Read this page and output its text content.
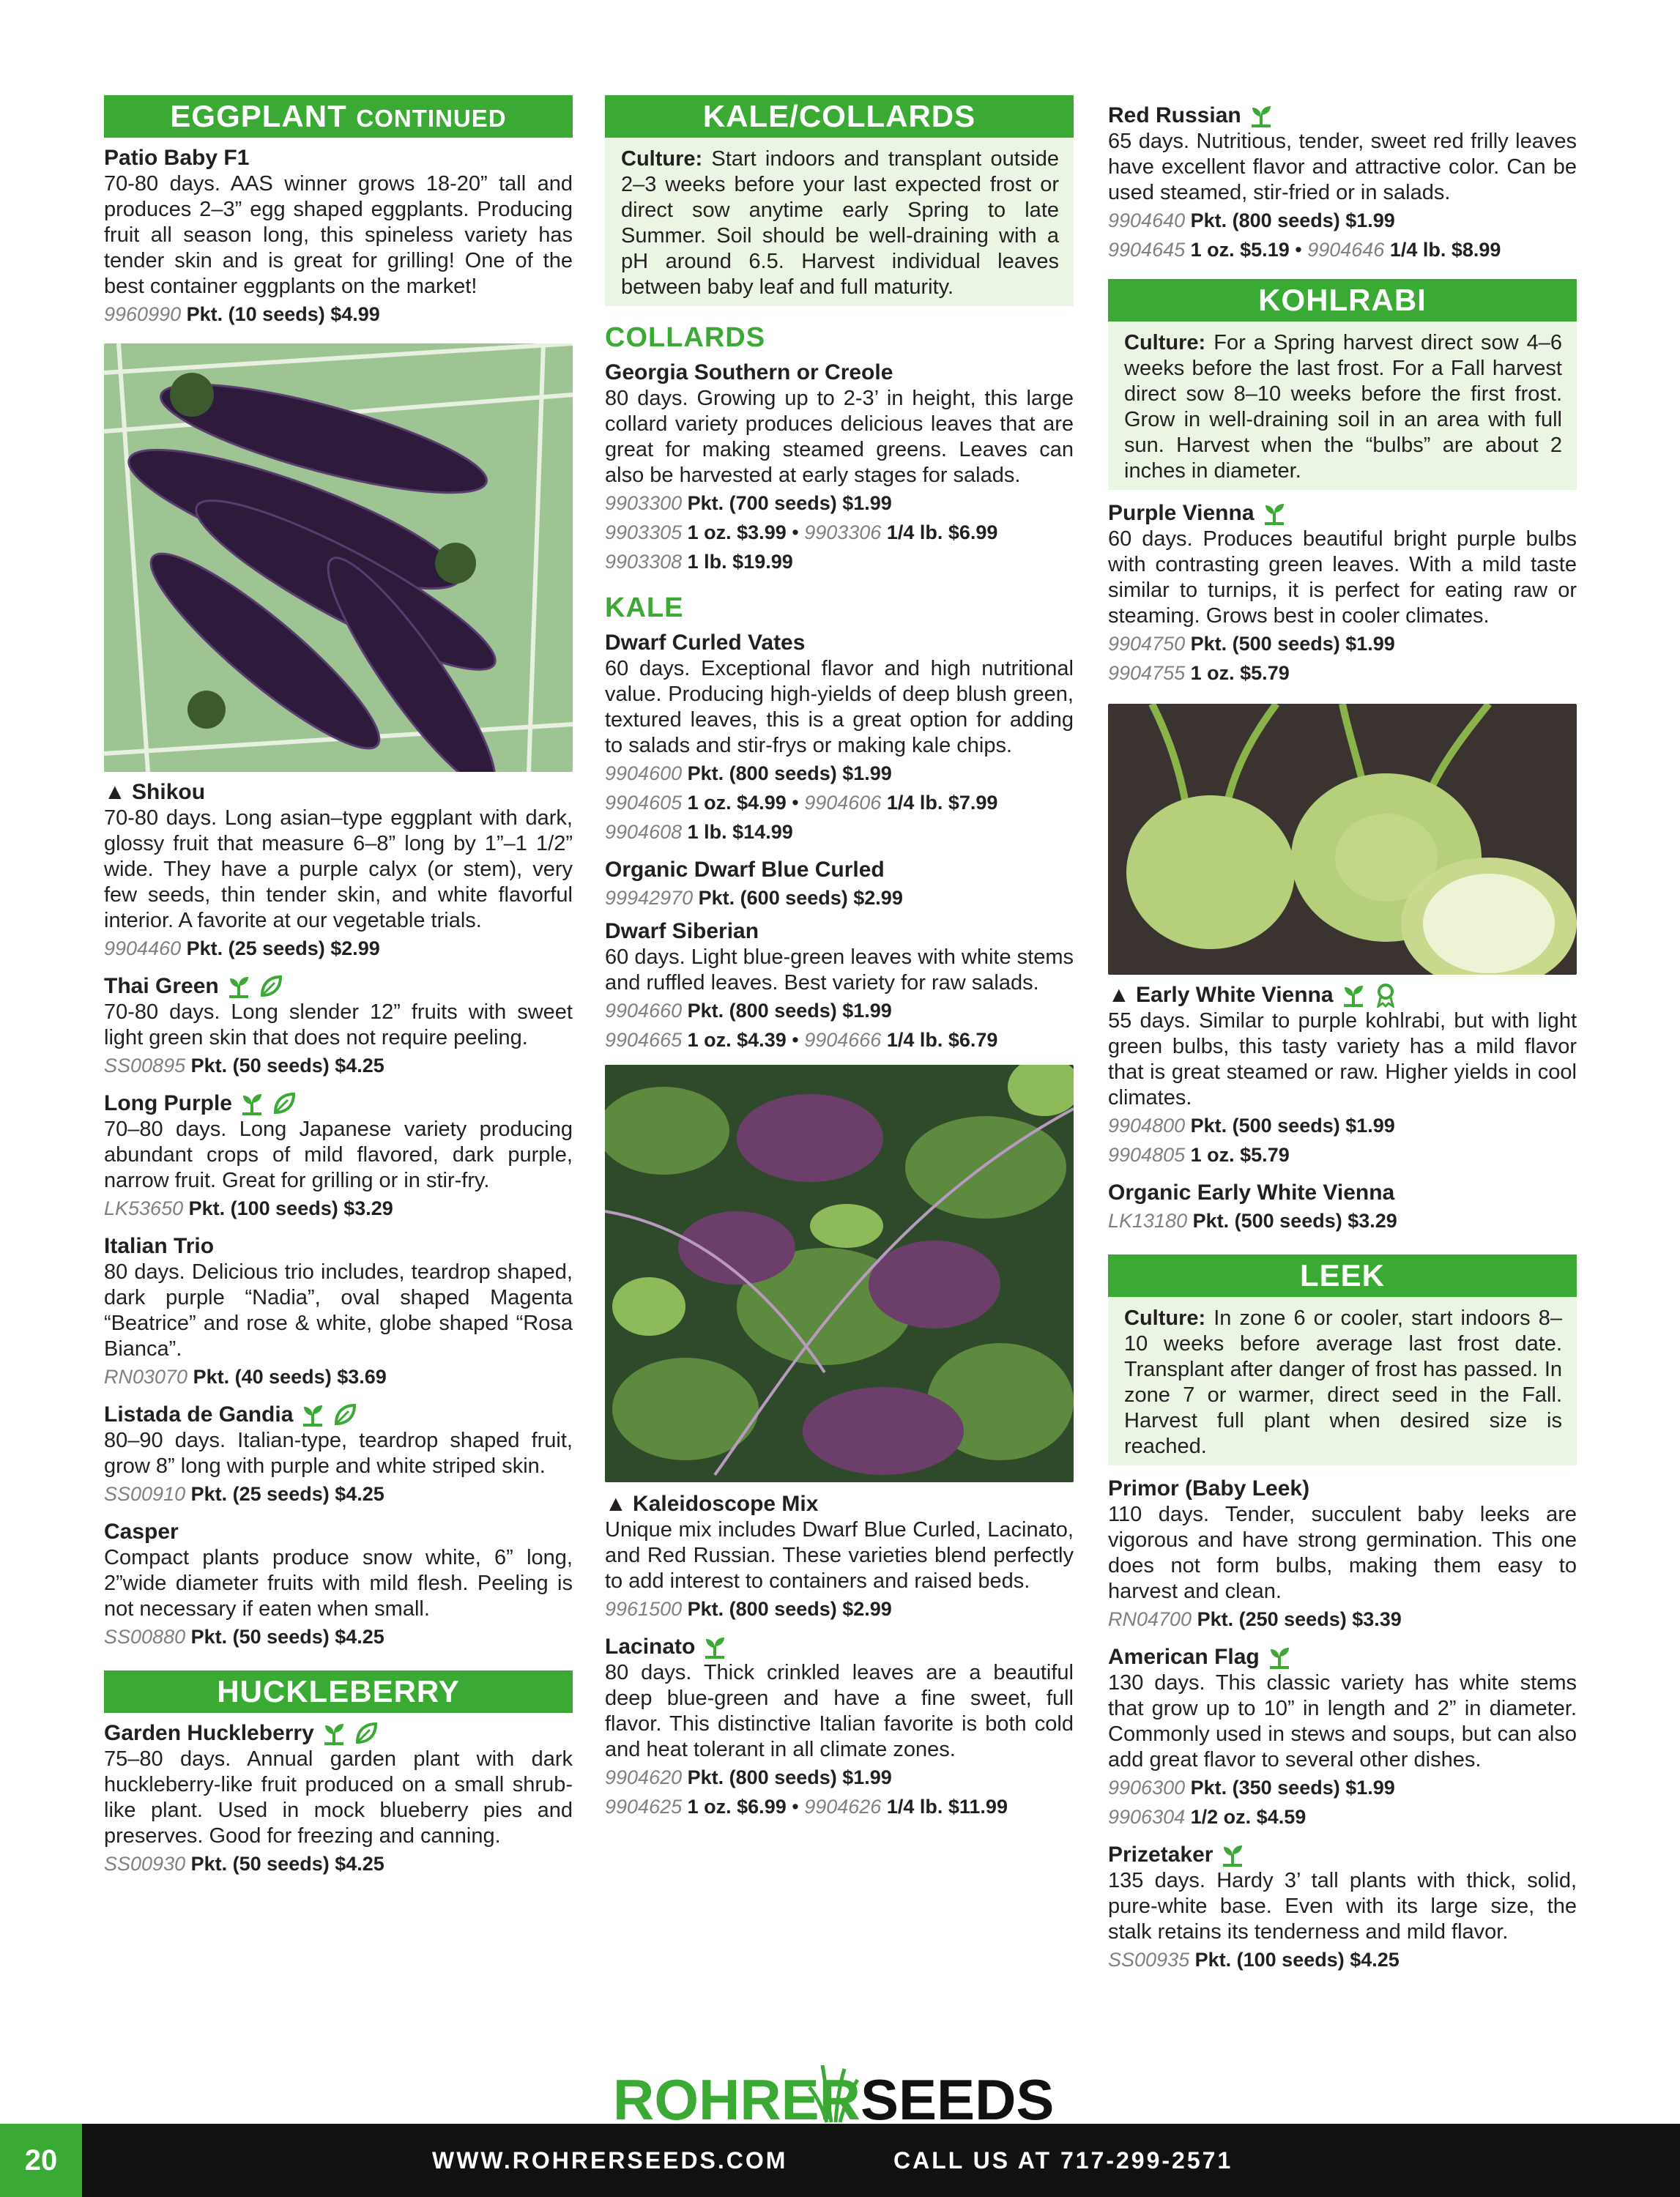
EGGPLANT CONTINUED
Patio Baby F1
70-80 days. AAS winner grows 18-20” tall and produces 2–3” egg shaped eggplants. Producing fruit all season long, this spineless variety has tender skin and is great for grilling! One of the best container eggplants on the market!
9960990 Pkt. (10 seeds) $4.99
▲ Shikou
70-80 days. Long asian–type eggplant with dark, glossy fruit that measure 6–8” long by 1”–1 1/2” wide. They have a purple calyx (or stem), very few seeds, thin tender skin, and white flavorful interior. A favorite at our vegetable trials.
9904460 Pkt. (25 seeds) $2.99
Thai Green
70-80 days. Long slender 12” fruits with sweet light green skin that does not require peeling.
SS00895 Pkt. (50 seeds) $4.25
Long Purple
70–80 days. Long Japanese variety producing abundant crops of mild flavored, dark purple, narrow fruit. Great for grilling or in stir-fry.
LK53650 Pkt. (100 seeds) $3.29
Italian Trio
80 days. Delicious trio includes, teardrop shaped, dark purple “Nadia”, oval shaped Magenta “Beatrice” and rose & white, globe shaped “Rosa Bianca”.
RN03070 Pkt. (40 seeds) $3.69
Listada de Gandia
80–90 days. Italian-type, teardrop shaped fruit, grow 8” long with purple and white striped skin.
SS00910 Pkt. (25 seeds) $4.25
Casper
Compact plants produce snow white, 6” long, 2”wide diameter fruits with mild flesh. Peeling is not necessary if eaten when small.
SS00880 Pkt. (50 seeds) $4.25
HUCKLEBERRY
Garden Huckleberry
75–80 days. Annual garden plant with dark huckleberry-like fruit produced on a small shrub-like plant. Used in mock blueberry pies and preserves. Good for freezing and canning.
SS00930 Pkt. (50 seeds) $4.25
KALE/COLLARDS
Culture: Start indoors and transplant outside 2–3 weeks before your last expected frost or direct sow anytime early Spring to late Summer. Soil should be well-draining with a pH around 6.5. Harvest individual leaves between baby leaf and full maturity.
COLLARDS
Georgia Southern or Creole
80 days. Growing up to 2-3’ in height, this large collard variety produces delicious leaves that are great for making steamed greens. Leaves can also be harvested at early stages for salads.
9903300 Pkt. (700 seeds) $1.99
9903305 1 oz. $3.99 • 9903306 1/4 lb. $6.99
9903308 1 lb. $19.99
KALE
Dwarf Curled Vates
60 days. Exceptional flavor and high nutritional value. Producing high-yields of deep blush green, textured leaves, this is a great option for adding to salads and stir-frys or making kale chips.
9904600 Pkt. (800 seeds) $1.99
9904605 1 oz. $4.99 • 9904606 1/4 lb. $7.99
9904608 1 lb. $14.99
Organic Dwarf Blue Curled
99942970 Pkt. (600 seeds) $2.99
Dwarf Siberian
60 days. Light blue-green leaves with white stems and ruffled leaves. Best variety for raw salads.
9904660 Pkt. (800 seeds) $1.99
9904665 1 oz. $4.39 • 9904666 1/4 lb. $6.79
▲ Kaleidoscope Mix
Unique mix includes Dwarf Blue Curled, Lacinato, and Red Russian. These varieties blend perfectly to add interest to containers and raised beds.
9961500 Pkt. (800 seeds) $2.99
Lacinato
80 days. Thick crinkled leaves are a beautiful deep blue-green and have a fine sweet, full flavor. This distinctive Italian favorite is both cold and heat tolerant in all climate zones.
9904620 Pkt. (800 seeds) $1.99
9904625 1 oz. $6.99 • 9904626 1/4 lb. $11.99
Red Russian
65 days. Nutritious, tender, sweet red frilly leaves have excellent flavor and attractive color. Can be used steamed, stir-fried or in salads.
9904640 Pkt. (800 seeds) $1.99
9904645 1 oz. $5.19 • 9904646 1/4 lb. $8.99
KOHLRABI
Culture: For a Spring harvest direct sow 4–6 weeks before the last frost. For a Fall harvest direct sow 8–10 weeks before the first frost. Grow in well-draining soil in an area with full sun. Harvest when the “bulbs” are about 2 inches in diameter.
Purple Vienna
60 days. Produces beautiful bright purple bulbs with contrasting green leaves. With a mild taste similar to turnips, it is perfect for eating raw or steaming. Grows best in cooler climates.
9904750 Pkt. (500 seeds) $1.99
9904755 1 oz. $5.79
▲ Early White Vienna
55 days. Similar to purple kohlrabi, but with light green bulbs, this tasty variety has a mild flavor that is great steamed or raw. Higher yields in cool climates.
9904800 Pkt. (500 seeds) $1.99
9904805 1 oz. $5.79
Organic Early White Vienna
LK13180 Pkt. (500 seeds) $3.29
LEEK
Culture: In zone 6 or cooler, start indoors 8–10 weeks before average last frost date. Transplant after danger of frost has passed. In zone 7 or warmer, direct seed in the Fall. Harvest full plant when desired size is reached.
Primor (Baby Leek)
110 days. Tender, succulent baby leeks are vigorous and have strong germination. This one does not form bulbs, making them easy to harvest and clean.
RN04700 Pkt. (250 seeds) $3.39
American Flag
130 days. This classic variety has white stems that grow up to 10” in length and 2” in diameter. Commonly used in stews and soups, but can also add great flavor to several other dishes.
9906300 Pkt. (350 seeds) $1.99
9906304 1/2 oz. $4.59
Prizetaker
135 days. Hardy 3’ tall plants with thick, solid, pure-white base. Even with its large size, the stalk retains its tenderness and mild flavor.
SS00935 Pkt. (100 seeds) $4.25
ROHRER SEEDS
20	WWW.ROHRERSEEDS.COM	CALL US AT 717-299-2571
